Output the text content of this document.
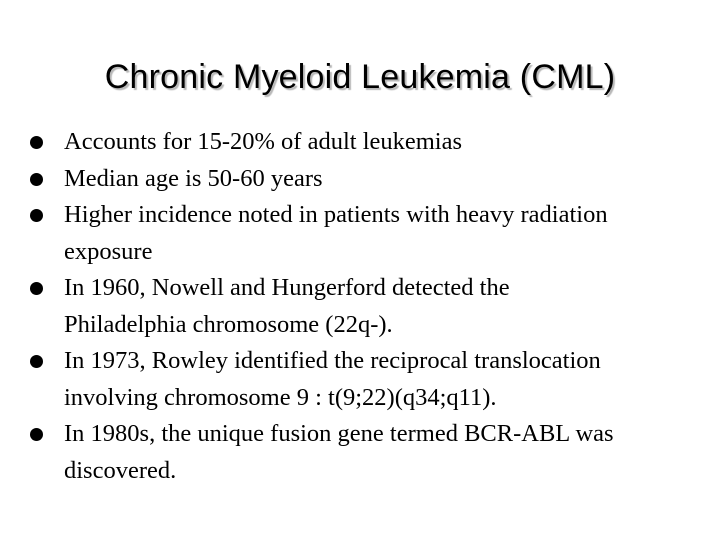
Chronic Myeloid Leukemia (CML)
Accounts for 15-20% of adult leukemias
Median age is 50-60 years
Higher incidence noted in patients with heavy radiation
exposure
In 1960, Nowell and Hungerford detected the
Philadelphia chromosome (22q-).
In 1973, Rowley identified the reciprocal translocation
involving chromosome 9 : t(9;22)(q34;q11).
In 1980s, the unique fusion gene termed BCR-ABL was
discovered.
